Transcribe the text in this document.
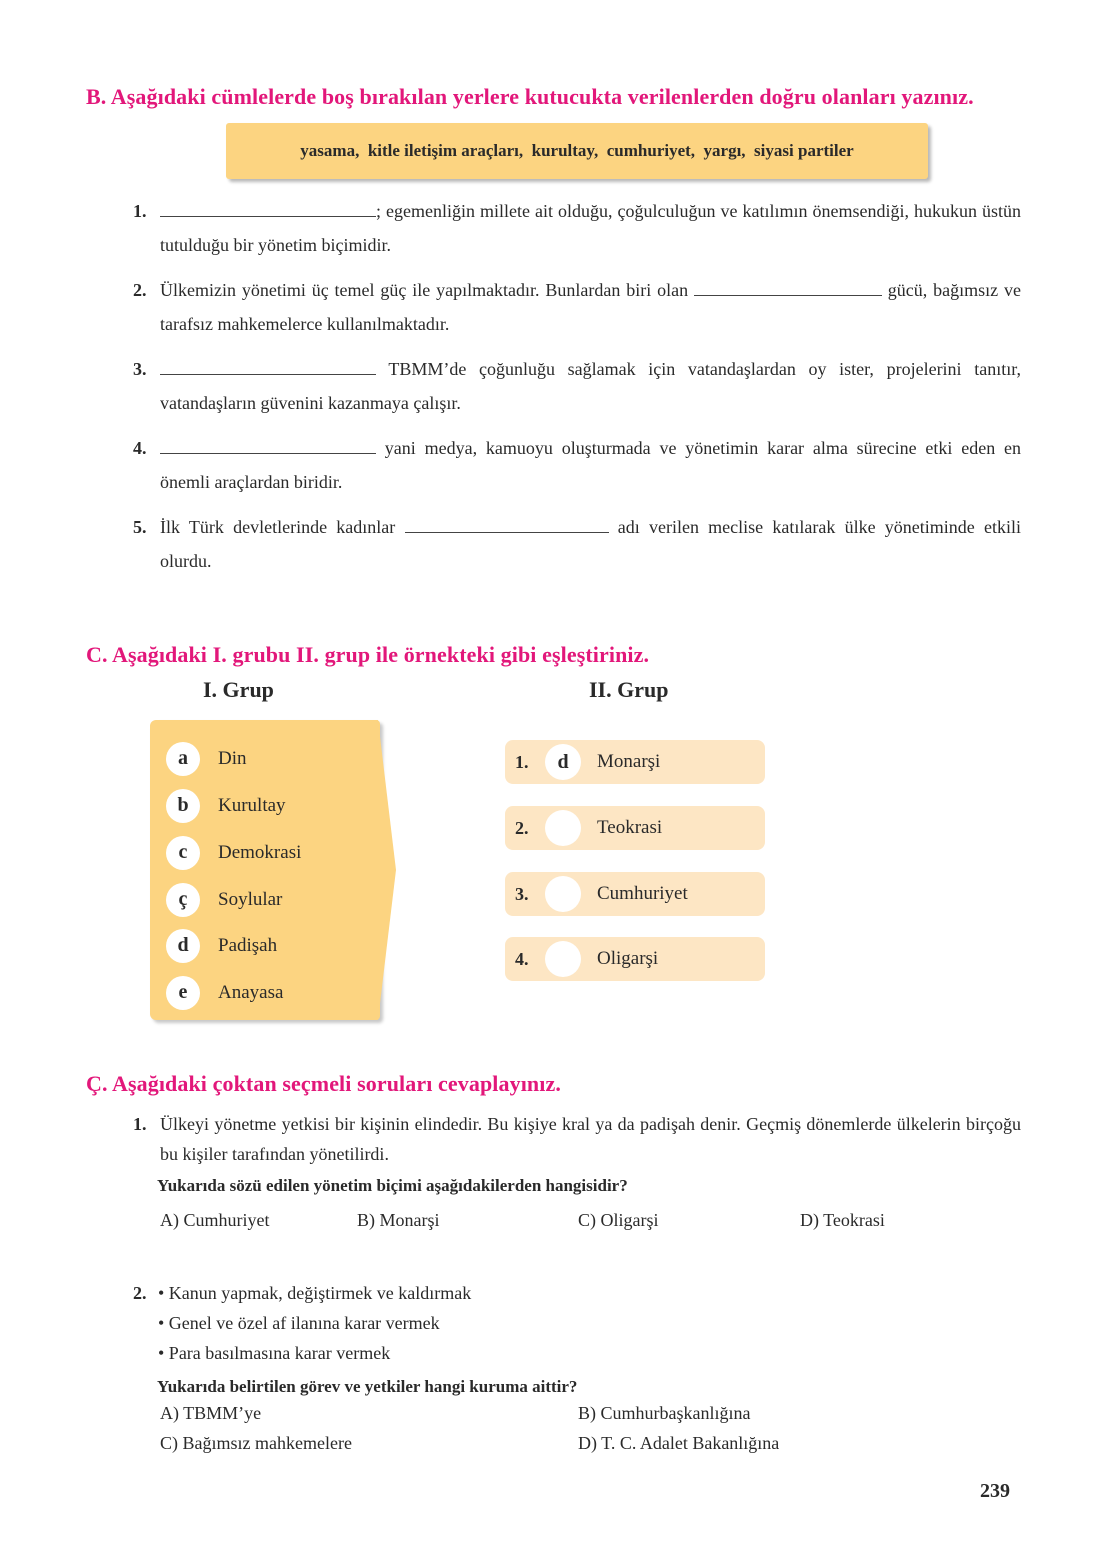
B. Aşağıdaki cümlelerde boş bırakılan yerlere kutucukta verilenlerden doğru olanları yazınız.
yasama,  kitle iletişim araçları,  kurultay,  cumhuriyet,  yargı,  siyasi partiler
1.	; egemenliğin millete ait olduğu, çoğulculuğun ve katılımın önemsendiği, hukukun üstün tutulduğu bir yönetim biçimidir.
2. Ülkemizin yönetimi üç temel güç ile yapılmaktadır. Bunlardan biri olan	gücü, bağımsız ve tarafsız mahkemelerce kullanılmaktadır.
3.	TBMM’de çoğunluğu sağlamak için vatandaşlardan oy ister, projelerini tanıtır, vatandaşların güvenini kazanmaya çalışır.
4.	yani medya, kamuoyu oluşturmada ve yönetimin karar alma sürecine etki eden en önemli araçlardan biridir.
5. İlk Türk devletlerinde kadınlar	adı verilen meclise katılarak ülke yönetiminde etkili olurdu.
C. Aşağıdaki I. grubu II. grup ile örnekteki gibi eşleştiriniz.
I. Grup	II. Grup
a	Din
b	Kurultay
c	Demokrasi
ç	Soylular
d	Padişah
e	Anayasa
1.	d	Monarşi
2.	Teokrasi
3.	Cumhuriyet
4.	Oligarşi
Ç. Aşağıdaki çoktan seçmeli soruları cevaplayınız.
1. Ülkeyi yönetme yetkisi bir kişinin elindedir. Bu kişiye kral ya da padişah denir. Geçmiş dönemlerde ülkelerin birçoğu bu kişiler tarafından yönetilirdi.
Yukarıda sözü edilen yönetim biçimi aşağıdakilerden hangisidir?
A) Cumhuriyet	B) Monarşi	C) Oligarşi	D) Teokrasi
2. • Kanun yapmak, değiştirmek ve kaldırmak
• Genel ve özel af ilanına karar vermek
• Para basılmasına karar vermek
Yukarıda belirtilen görev ve yetkiler hangi kuruma aittir?
A) TBMM’ye	B) Cumhurbaşkanlığına
C) Bağımsız mahkemelere	D) T. C. Adalet Bakanlığına
239
